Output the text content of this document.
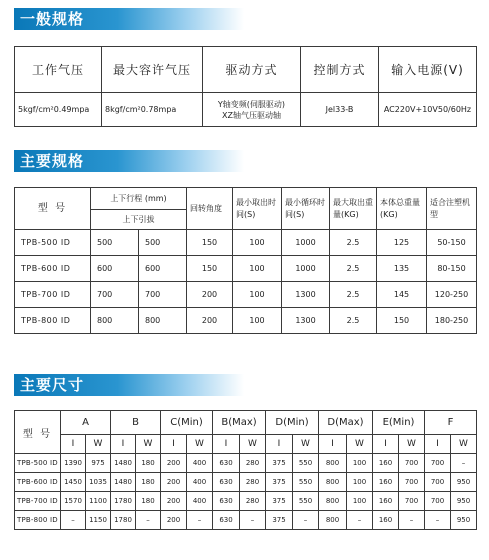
一般规格
工作气压	最大容许气压	驱动方式	控制方式	输入电源(V)
5kgf/cm²0.49mpa	8kgf/cm²0.78mpa	Y轴变频(伺服驱动)
XZ轴气压驱动轴	Jel33-B	AC220V+10V50/60Hz
主要规格
型 号	上下行程 (mm)		回转角度	最小取出时间(S)	最小循环时间(S)	最大取出重量(KG)	本体总重量(KG)	适合注塑机型
	上下引拔							
TPB-500 ID	500	500	150	100	1000	2.5	125	50-150
TPB-600 ID	600	600	150	100	1000	2.5	135	80-150
TPB-700 ID	700	700	200	100	1300	2.5	145	120-250
TPB-800 ID	800	800	200	100	1300	2.5	150	180-250
主要尺寸
型 号	A		B		C(Min)		B(Max)		D(Min)		D(Max)		E(Min)		F	
	I	W	I	W	I	W	I	W	I	W	I	W	I	W	I	W
TPB-500 ID	1390	975	1480	180	200	400	630	280	375	550	800	100	160	700	700	–
TPB-600 ID	1450	1035	1480	180	200	400	630	280	375	550	800	100	160	700	700	950
TPB-700 ID	1570	1100	1780	180	200	400	630	280	375	550	800	100	160	700	700	950
TPB-800 ID	–	1150	1780	–	200	–	630	–	375	–	800	–	160	–	–	950
